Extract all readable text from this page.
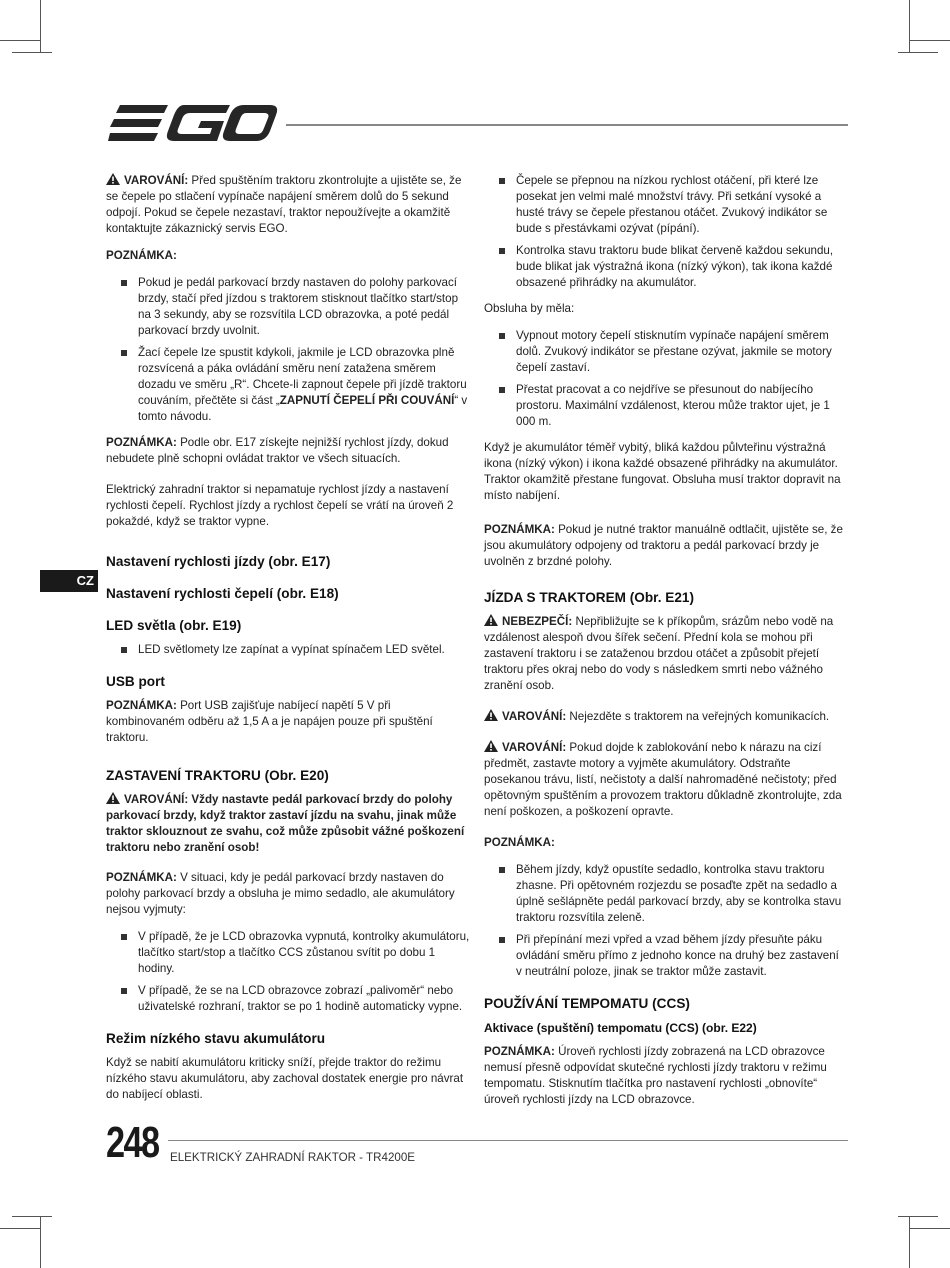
CZ

VAROVÁNÍ: Před spuštěním traktoru zkontrolujte a ujistěte se, že se čepele po stlačení vypínače napájení směrem dolů do 5 sekund odpojí. Pokud se čepele nezastaví, traktor nepoužívejte a okamžitě kontaktujte zákaznický servis EGO.

POZNÁMKA:

Pokud je pedál parkovací brzdy nastaven do polohy parkovací brzdy, stačí před jízdou s traktorem stisknout tlačítko start/stop na 3 sekundy, aby se rozsvítila LCD obrazovka, a poté pedál parkovací brzdy uvolnit.
Žací čepele lze spustit kdykoli, jakmile je LCD obrazovka plně rozsvícená a páka ovládání směru není zatažena směrem dozadu ve směru „R“. Chcete-li zapnout čepele při jízdě traktoru couváním, přečtěte si část „ZAPNUTÍ ČEPELÍ PŘI COUVÁNÍ“ v tomto návodu.

POZNÁMKA: Podle obr. E17 získejte nejnižší rychlost jízdy, dokud nebudete plně schopni ovládat traktor ve všech situacích.

Elektrický zahradní traktor si nepamatuje rychlost jízdy a nastavení rychlosti čepelí. Rychlost jízdy a rychlost čepelí se vrátí na úroveň 2 pokaždé, když se traktor vypne.

Nastavení rychlosti jízdy (obr. E17)
Nastavení rychlosti čepelí (obr. E18)
LED světla (obr. E19)
LED světlomety lze zapínat a vypínat spínačem LED světel.
USB port

POZNÁMKA: Port USB zajišťuje nabíjecí napětí 5 V při kombinovaném odběru až 1,5 A a je napájen pouze při spuštění traktoru.

ZASTAVENÍ TRAKTORU (Obr. E20)

VAROVÁNÍ: Vždy nastavte pedál parkovací brzdy do polohy parkovací brzdy, když traktor zastaví jízdu na svahu, jinak může traktor sklouznout ze svahu, což může způsobit vážné poškození traktoru nebo zranění osob!

POZNÁMKA: V situaci, kdy je pedál parkovací brzdy nastaven do polohy parkovací brzdy a obsluha je mimo sedadlo, ale akumulátory nejsou vyjmuty:

V případě, že je LCD obrazovka vypnutá, kontrolky akumulátoru, tlačítko start/stop a tlačítko CCS zůstanou svítit po dobu 1 hodiny.
V případě, že se na LCD obrazovce zobrazí „palivoměr“ nebo uživatelské rozhraní, traktor se po 1 hodině automaticky vypne.
Režim nízkého stavu akumulátoru

Když se nabití akumulátoru kriticky sníží, přejde traktor do režimu nízkého stavu akumulátoru, aby zachoval dostatek energie pro návrat do nabíjecí oblasti.

Čepele se přepnou na nízkou rychlost otáčení, při které lze posekat jen velmi malé množství trávy. Při setkání vysoké a husté trávy se čepele přestanou otáčet. Zvukový indikátor se bude s přestávkami ozývat (pípání).
Kontrolka stavu traktoru bude blikat červeně každou sekundu, bude blikat jak výstražná ikona (nízký výkon), tak ikona každé obsazené přihrádky na akumulátor.

Obsluha by měla:

Vypnout motory čepelí stisknutím vypínače napájení směrem dolů. Zvukový indikátor se přestane ozývat, jakmile se motory čepelí zastaví.
Přestat pracovat a co nejdříve se přesunout do nabíjecího prostoru. Maximální vzdálenost, kterou může traktor ujet, je 1 000 m.

Když je akumulátor téměř vybitý, bliká každou půlvteřinu výstražná ikona (nízký výkon) i ikona každé obsazené přihrádky na akumulátor. Traktor okamžitě přestane fungovat. Obsluha musí traktor dopravit na místo nabíjení.

POZNÁMKA: Pokud je nutné traktor manuálně odtlačit, ujistěte se, že jsou akumulátory odpojeny od traktoru a pedál parkovací brzdy je uvolněn z brzdné polohy.

JÍZDA S TRAKTOREM (Obr. E21)

NEBEZPEČÍ: Nepřibližujte se k příkopům, srázům nebo vodě na vzdálenost alespoň dvou šířek sečení. Přední kola se mohou při zastavení traktoru i se zataženou brzdou otáčet a způsobit přejetí traktoru přes okraj nebo do vody s následkem smrti nebo vážného zranění osob.

VAROVÁNÍ: Nejezděte s traktorem na veřejných komunikacích.

VAROVÁNÍ: Pokud dojde k zablokování nebo k nárazu na cizí předmět, zastavte motory a vyjměte akumulátory. Odstraňte posekanou trávu, listí, nečistoty a další nahromaděné nečistoty; před opětovným spuštěním a provozem traktoru důkladně zkontrolujte, zda není poškozen, a poškození opravte.

POZNÁMKA:

Během jízdy, když opustíte sedadlo, kontrolka stavu traktoru zhasne. Při opětovném rozjezdu se posaďte zpět na sedadlo a úplně sešlápněte pedál parkovací brzdy, aby se kontrolka stavu traktoru rozsvítila zeleně.
Při přepínání mezi vpřed a vzad během jízdy přesuňte páku ovládání směru přímo z jednoho konce na druhý bez zastavení v neutrální poloze, jinak se traktor může zastavit.
POUŽÍVÁNÍ TEMPOMATU (CCS)
Aktivace (spuštění) tempomatu (CCS) (obr. E22)

POZNÁMKA: Úroveň rychlosti jízdy zobrazená na LCD obrazovce nemusí přesně odpovídat skutečné rychlosti jízdy traktoru v režimu tempomatu. Stisknutím tlačítka pro nastavení rychlosti „obnovíte“ úroveň rychlosti jízdy na LCD obrazovce.

248 ELEKTRICKÝ ZAHRADNÍ RAKTOR - TR4200E
